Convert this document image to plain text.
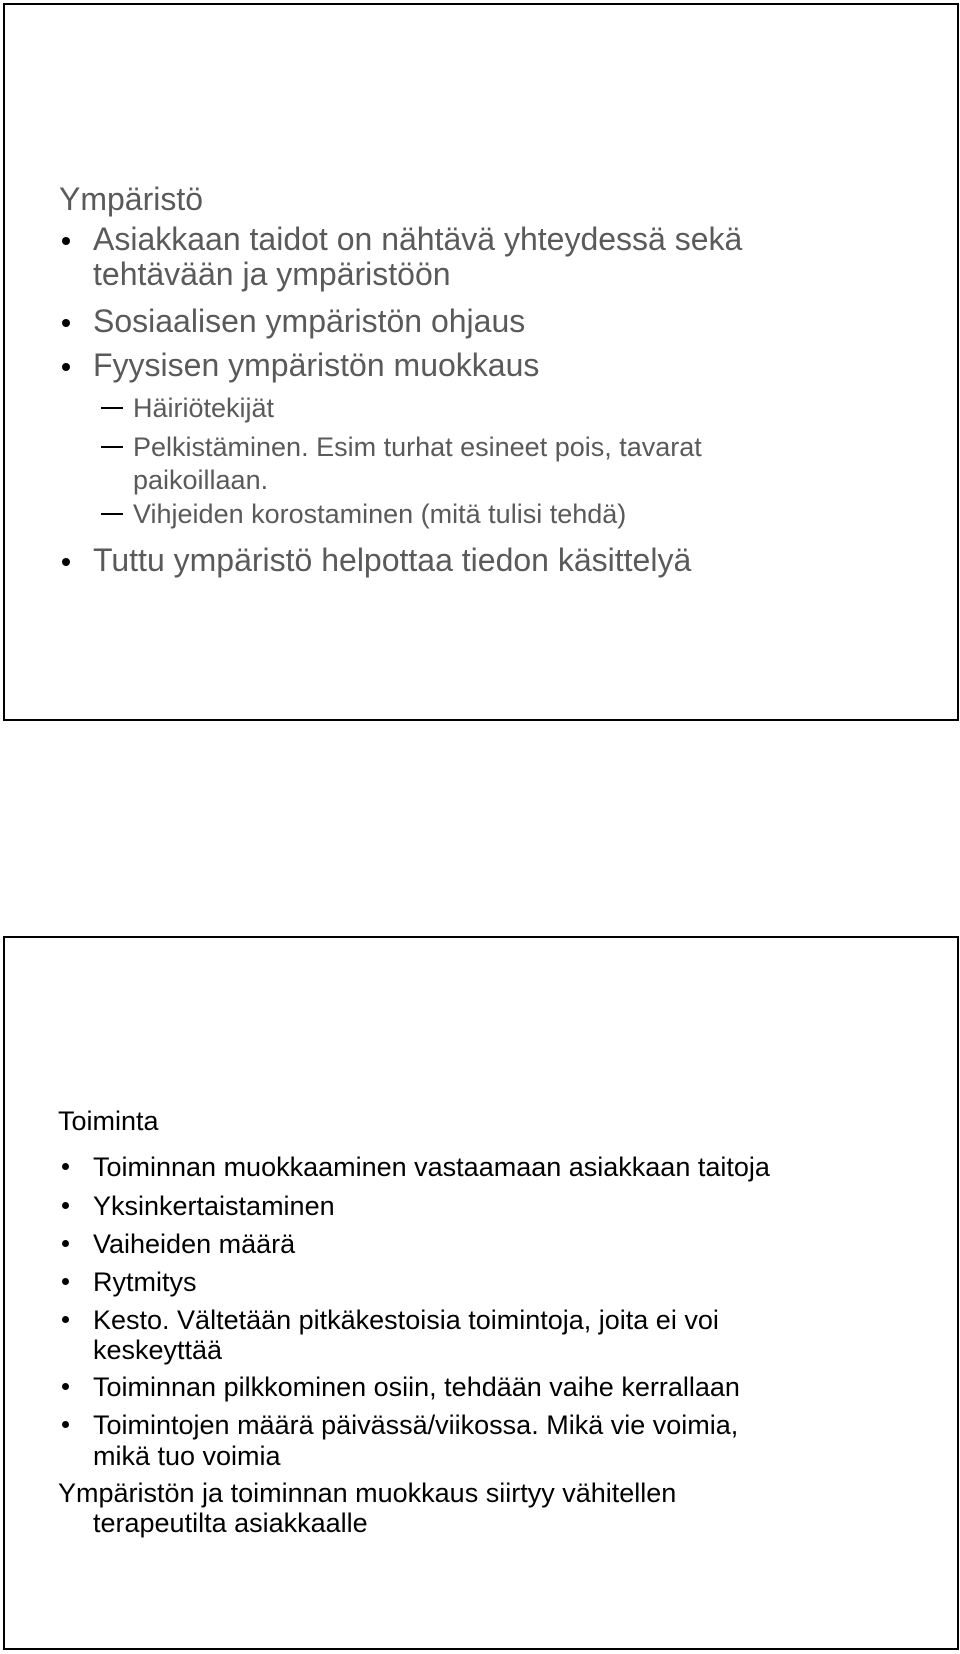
Ympäristö
Asiakkaan taidot on nähtävä yhteydessä sekä
tehtävään ja ympäristöön
Sosiaalisen ympäristön ohjaus
Fyysisen ympäristön muokkaus
Häiriötekijät
Pelkistäminen. Esim turhat esineet pois, tavarat
paikoillaan.
Vihjeiden korostaminen (mitä tulisi tehdä)
Tuttu ympäristö helpottaa tiedon käsittelyä
Toiminta
Toiminnan muokkaaminen vastaamaan asiakkaan taitoja
Yksinkertaistaminen
Vaiheiden määrä
Rytmitys
Kesto. Vältetään pitkäkestoisia toimintoja, joita ei voi
keskeyttää
Toiminnan pilkkominen osiin, tehdään vaihe kerrallaan
Toimintojen määrä päivässä/viikossa. Mikä vie voimia,
mikä tuo voimia
Ympäristön ja toiminnan muokkaus siirtyy vähitellen
terapeutilta asiakkaalle
